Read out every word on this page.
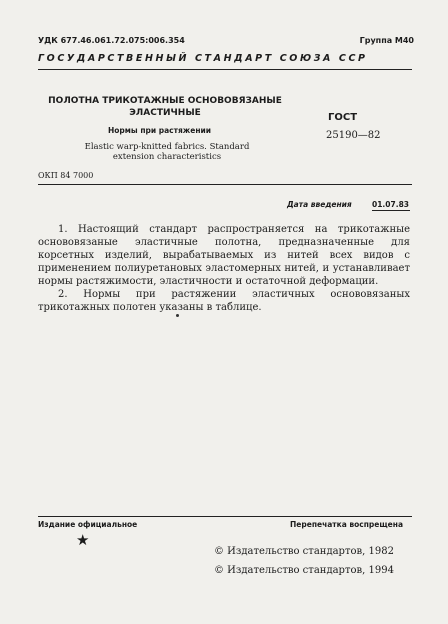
УДК 677.46.061.72.075:006.354	Группа М40
ГОСУДАРСТВЕННЫЙ СТАНДАРТ СОЮЗА ССР
ПОЛОТНА ТРИКОТАЖНЫЕ ОСНОВОВЯЗАНЫЕ ЭЛАСТИЧНЫЕ
Нормы при растяжении
Elastic warp-knitted fabrics. Standard extension characteristics
ГОСТ
25190—82
ОКП 84 7000
Дата введения	01.07.83
1. Настоящий стандарт распространяется на трикотажные основовязаные эластичные полотна, предназначенные для корсетных изделий, вырабатываемых из нитей всех видов с применением полиуретановых эластомерных нитей, и устанавливает нормы растяжимости, эластичности и остаточной деформации.
2. Нормы при растяжении эластичных основовязаных трикотажных полотен указаны в таблице.
Издание официальное	Перепечатка воспрещена
★
© Издательство стандартов, 1982
© Издательство стандартов, 1994
